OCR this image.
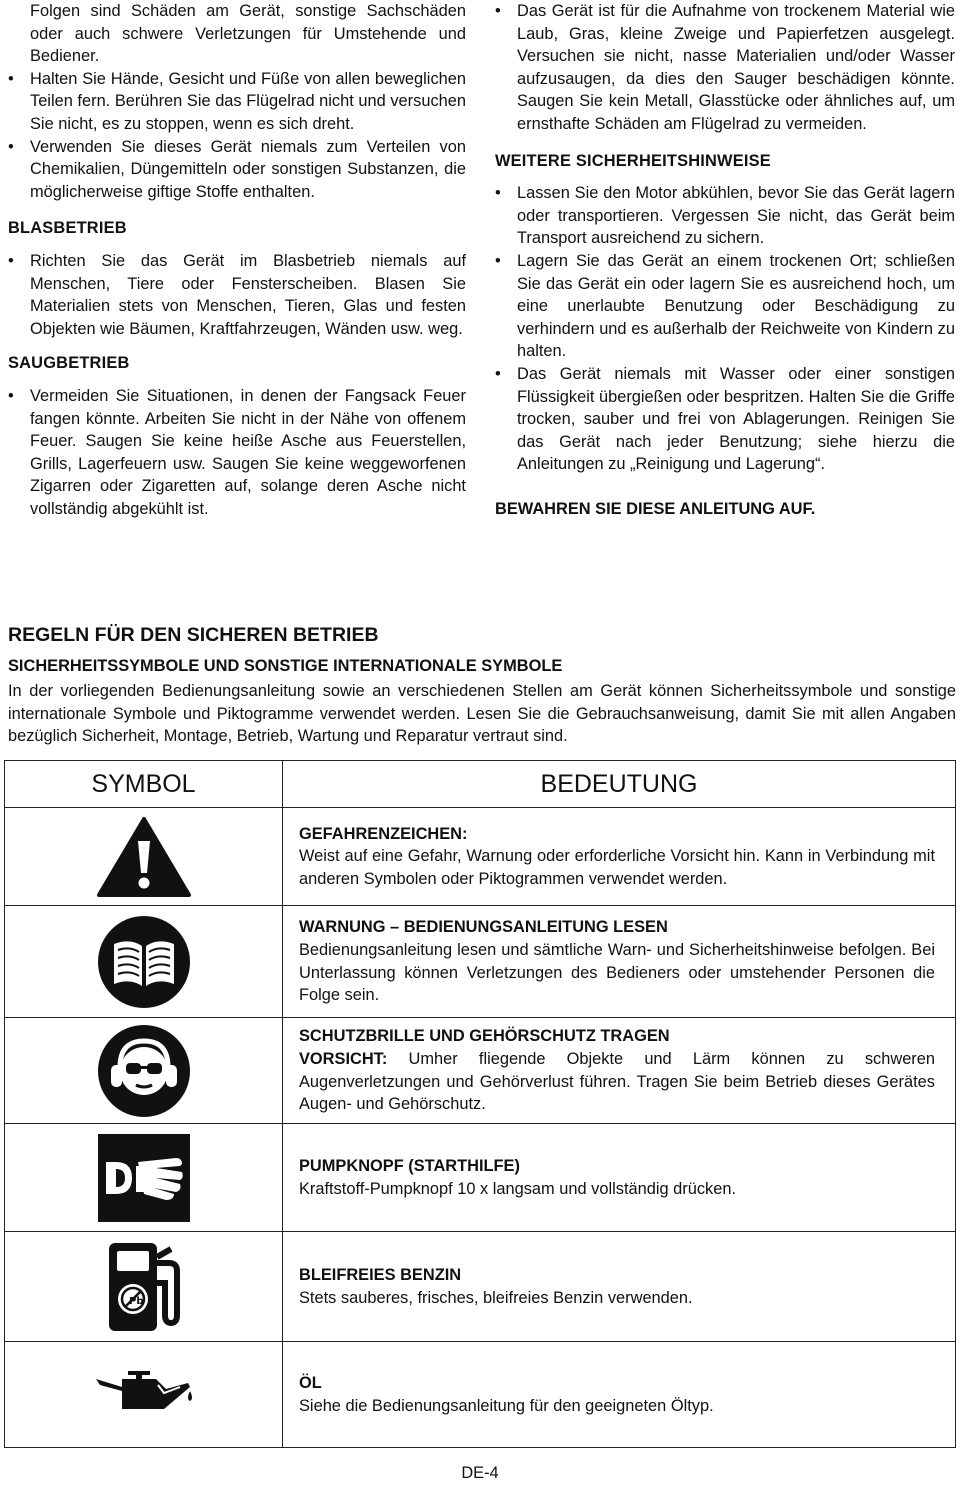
Folgen sind Schäden am Gerät, sonstige Sachschäden oder auch schwere Verletzungen für Umstehende und Bediener.

• Halten Sie Hände, Gesicht und Füße von allen beweglichen Teilen fern. Berühren Sie das Flügelrad nicht und versuchen Sie nicht, es zu stoppen, wenn es sich dreht.

• Verwenden Sie dieses Gerät niemals zum Verteilen von Chemikalien, Düngemitteln oder sonstigen Substanzen, die möglicherweise giftige Stoffe enthalten.

BLASBETRIEB

• Richten Sie das Gerät im Blasbetrieb niemals auf Menschen, Tiere oder Fensterscheiben. Blasen Sie Materialien stets von Menschen, Tieren, Glas und festen Objekten wie Bäumen, Kraftfahrzeugen, Wänden usw. weg.

SAUGBETRIEB

• Vermeiden Sie Situationen, in denen der Fangsack Feuer fangen könnte. Arbeiten Sie nicht in der Nähe von offenem Feuer. Saugen Sie keine heiße Asche aus Feuerstellen, Grills, Lagerfeuern usw. Saugen Sie keine weggeworfenen Zigarren oder Zigaretten auf, solange deren Asche nicht vollständig abgekühlt ist.

• Das Gerät ist für die Aufnahme von trockenem Material wie Laub, Gras, kleine Zweige und Papierfetzen ausgelegt. Versuchen sie nicht, nasse Materialien und/oder Wasser aufzusaugen, da dies den Sauger beschädigen könnte. Saugen Sie kein Metall, Glasstücke oder ähnliches auf, um ernsthafte Schäden am Flügelrad zu vermeiden.

WEITERE SICHERHEITSHINWEISE

• Lassen Sie den Motor abkühlen, bevor Sie das Gerät lagern oder transportieren. Vergessen Sie nicht, das Gerät beim Transport ausreichend zu sichern.

• Lagern Sie das Gerät an einem trockenen Ort; schließen Sie das Gerät ein oder lagern Sie es ausreichend hoch, um eine unerlaubte Benutzung oder Beschädigung zu verhindern und es außerhalb der Reichweite von Kindern zu halten.

• Das Gerät niemals mit Wasser oder einer sonstigen Flüssigkeit übergießen oder bespritzen. Halten Sie die Griffe trocken, sauber und frei von Ablagerungen. Reinigen Sie das Gerät nach jeder Benutzung; siehe hierzu die Anleitungen zu „Reinigung und Lagerung“.

BEWAHREN SIE DIESE ANLEITUNG AUF.
REGELN FÜR DEN SICHEREN BETRIEB
SICHERHEITSSYMBOLE UND SONSTIGE INTERNATIONALE SYMBOLE
In der vorliegenden Bedienungsanleitung sowie an verschiedenen Stellen am Gerät können Sicherheitssymbole und sonstige internationale Symbole und Piktogramme verwendet werden. Lesen Sie die Gebrauchsanweisung, damit Sie mit allen Angaben bezüglich Sicherheit, Montage, Betrieb, Wartung und Reparatur vertraut sind.
SYMBOL	BEDEUTUNG

GEFAHRENZEICHEN:
Weist auf eine Gefahr, Warnung oder erforderliche Vorsicht hin. Kann in Verbindung mit anderen Symbolen oder Piktogrammen verwendet werden.

WARNUNG – BEDIENUNGSANLEITUNG LESEN
Bedienungsanleitung lesen und sämtliche Warn- und Sicherheitshinweise befolgen. Bei Unterlassung können Verletzungen des Bedieners oder umstehender Personen die Folge sein.

SCHUTZBRILLE UND GEHÖRSCHUTZ TRAGEN
VORSICHT: Umher fliegende Objekte und Lärm können zu schweren Augenverletzungen und Gehörverlust führen. Tragen Sie beim Betrieb dieses Gerätes Augen- und Gehörschutz.

PUMPKNOPF (STARTHILFE)
Kraftstoff-Pumpknopf 10 x langsam und vollständig drücken.

Pb	BLEIFREIES BENZIN
Stets sauberes, frisches, bleifreies Benzin verwenden.

ÖL
Siehe die Bedienungsanleitung für den geeigneten Öltyp.
DE-4
